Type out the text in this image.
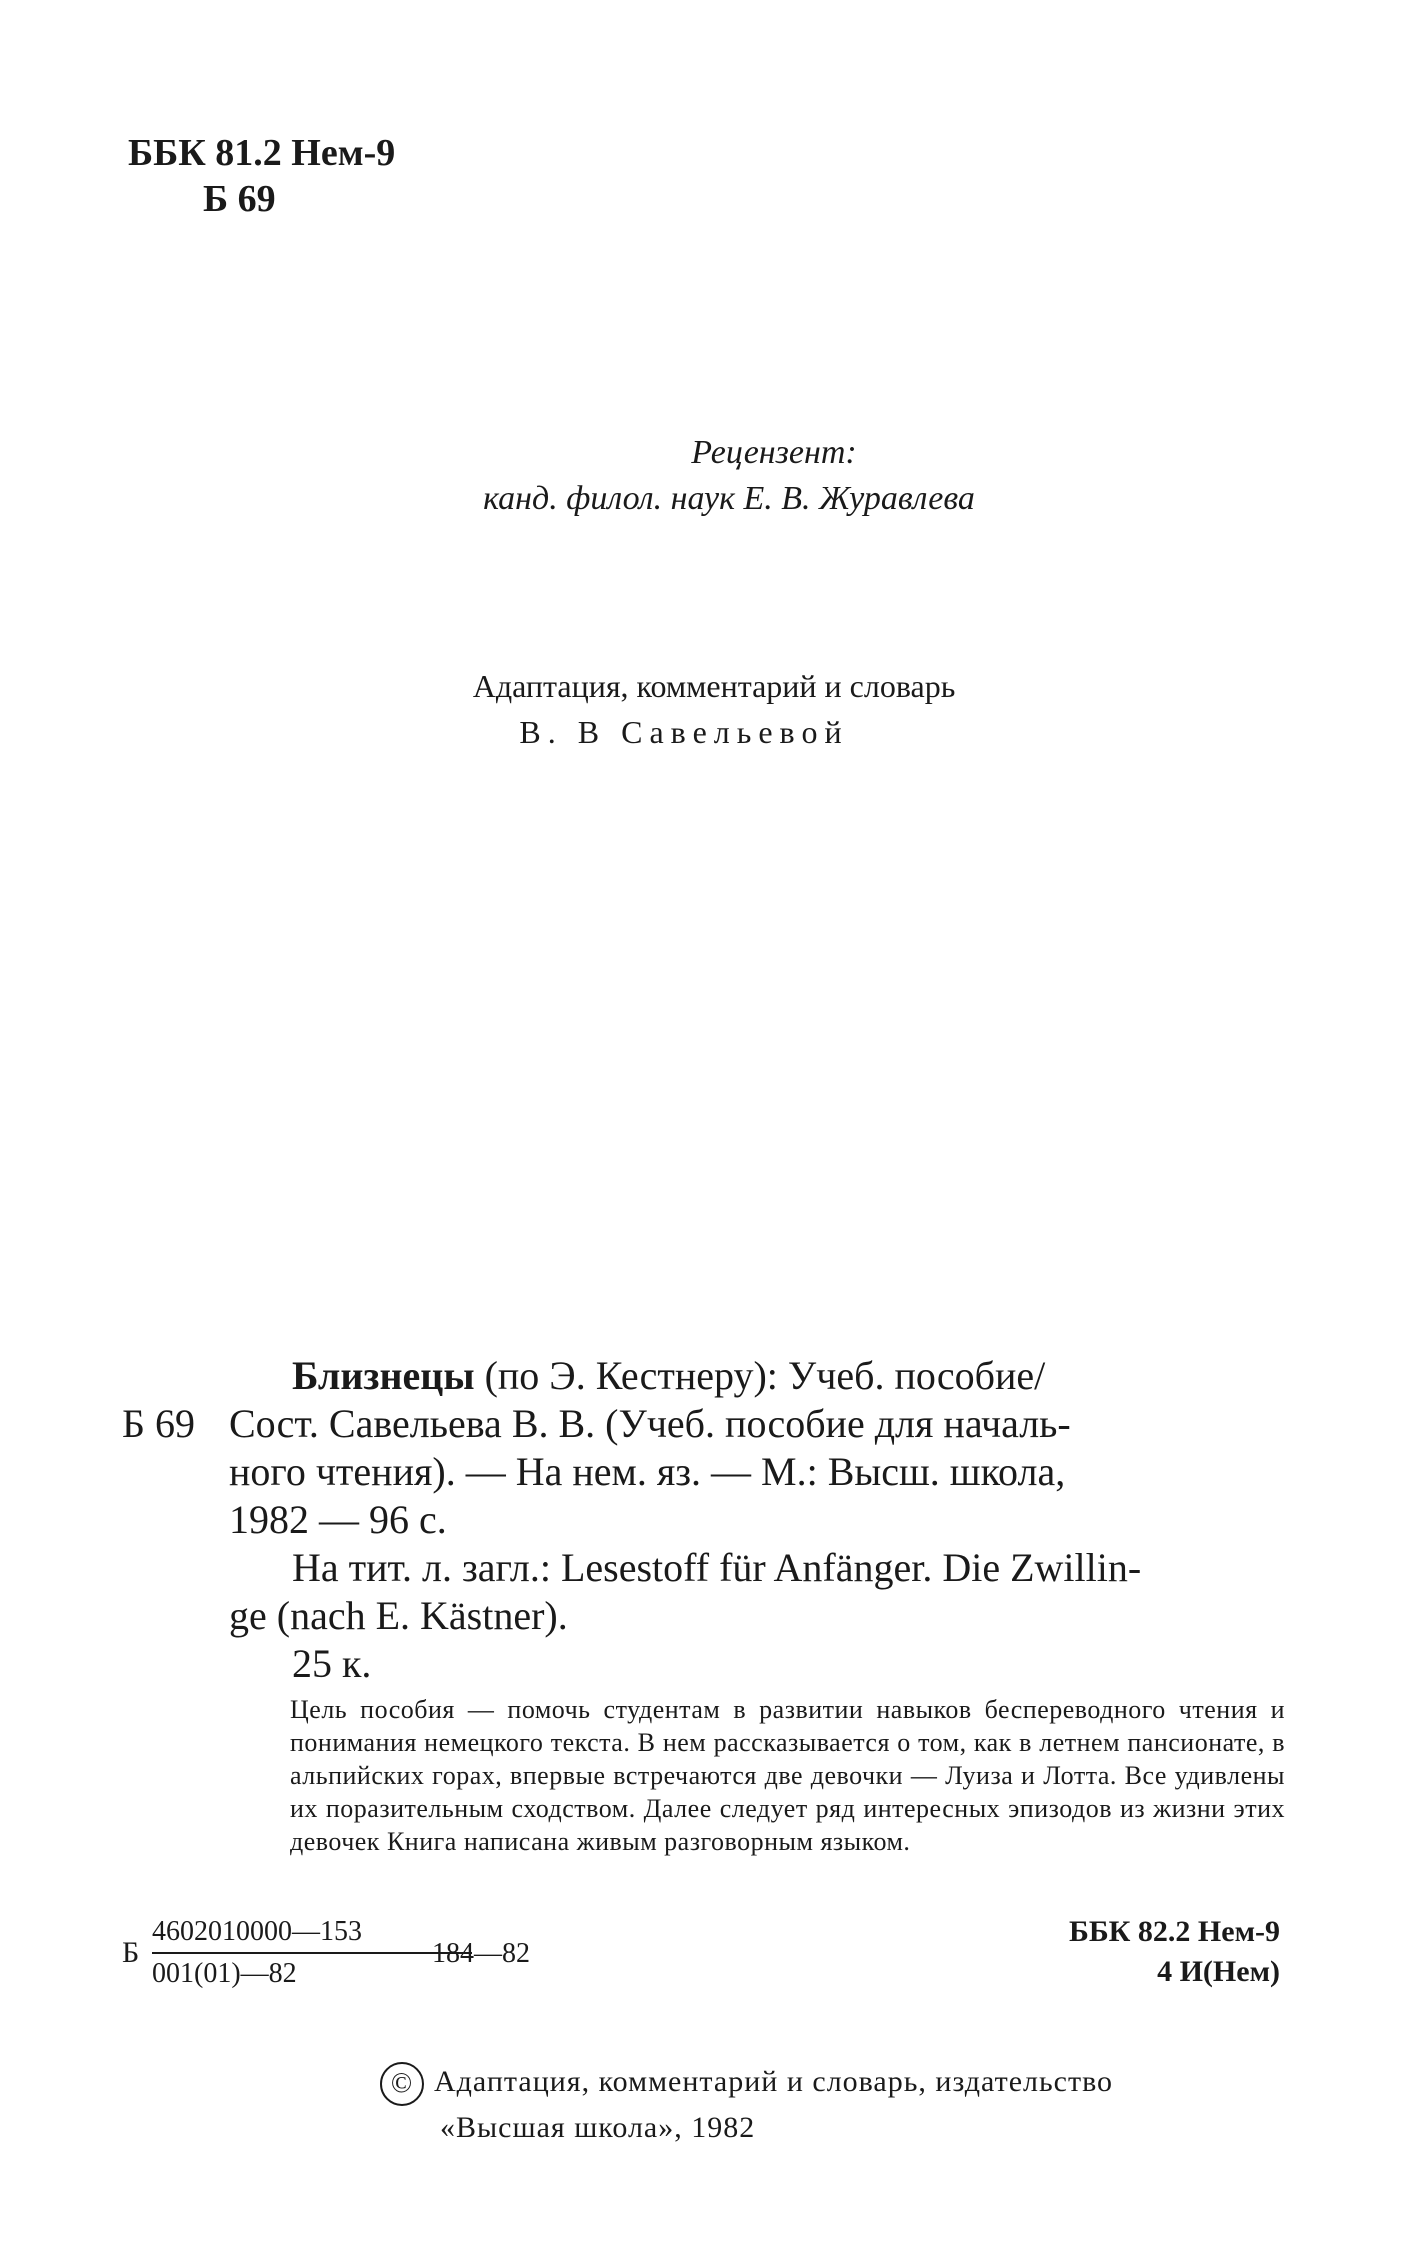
ББК 81.2 Нем-9
Б 69
Рецензент:
канд. филол. наук Е. В. Журавлева
Адаптация, комментарий и словарь
В. В Савельевой
Близнецы (по Э. Кестнеру): Учеб. пособие/
Б 69 Сост. Савельева В. В. (Учеб. пособие для началь-
ного чтения). — На нем. яз. — М.: Высш. школа,
1982 — 96 с.
На тит. л. загл.: Lesestoff für Anfänger. Die Zwillin-
ge (nach E. Kästner).
25 к.
Цель пособия — помочь студентам в развитии навыков беспереводного чтения и понимания немецкого текста. В нем рассказывается о том, как в летнем пансионате, в альпийских горах, впервые встречаются две девочки — Луиза и Лотта. Все удивлены их поразительным сходством. Далее следует ряд интересных эпизодов из жизни этих девочек Книга написана живым разговорным языком.
Б
4602010000—153
001(01)—82
184—82
ББК 82.2 Нем-9
4 И(Нем)
© Адаптация, комментарий и словарь, издательство
«Высшая школа», 1982
